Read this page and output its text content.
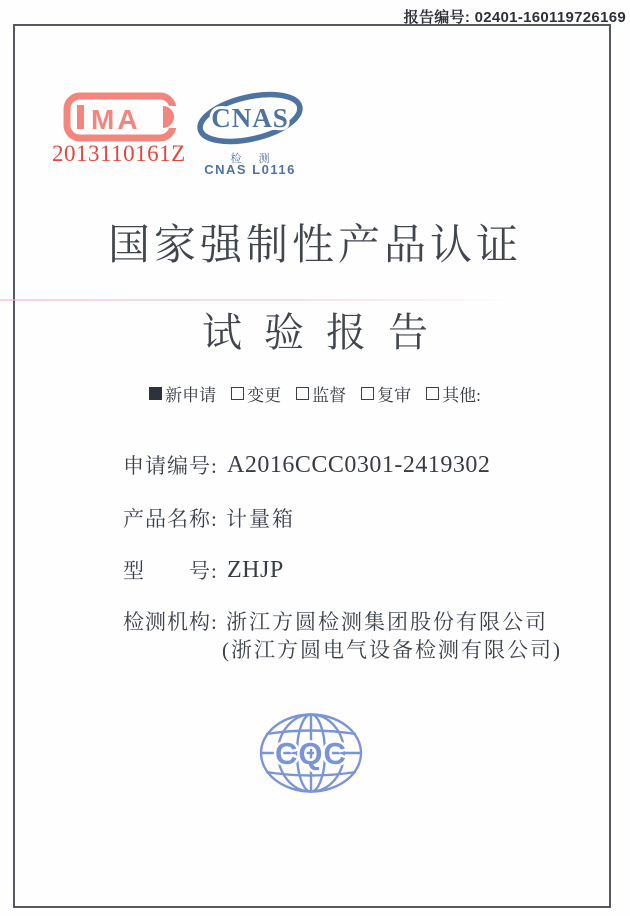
报告编号: 02401-160119726169
MA
2013110161Z
CNAS
检 测
CNAS L0116
国家强制性产品认证
试验报告
新申请 变更 监督 复审 其他:
申请编号: A2016CCC0301-2419302
产品名称: 计量箱
型　　号: ZHJP
检测机构: 浙江方圆检测集团股份有限公司
(浙江方圆电气设备检测有限公司)
CQC
